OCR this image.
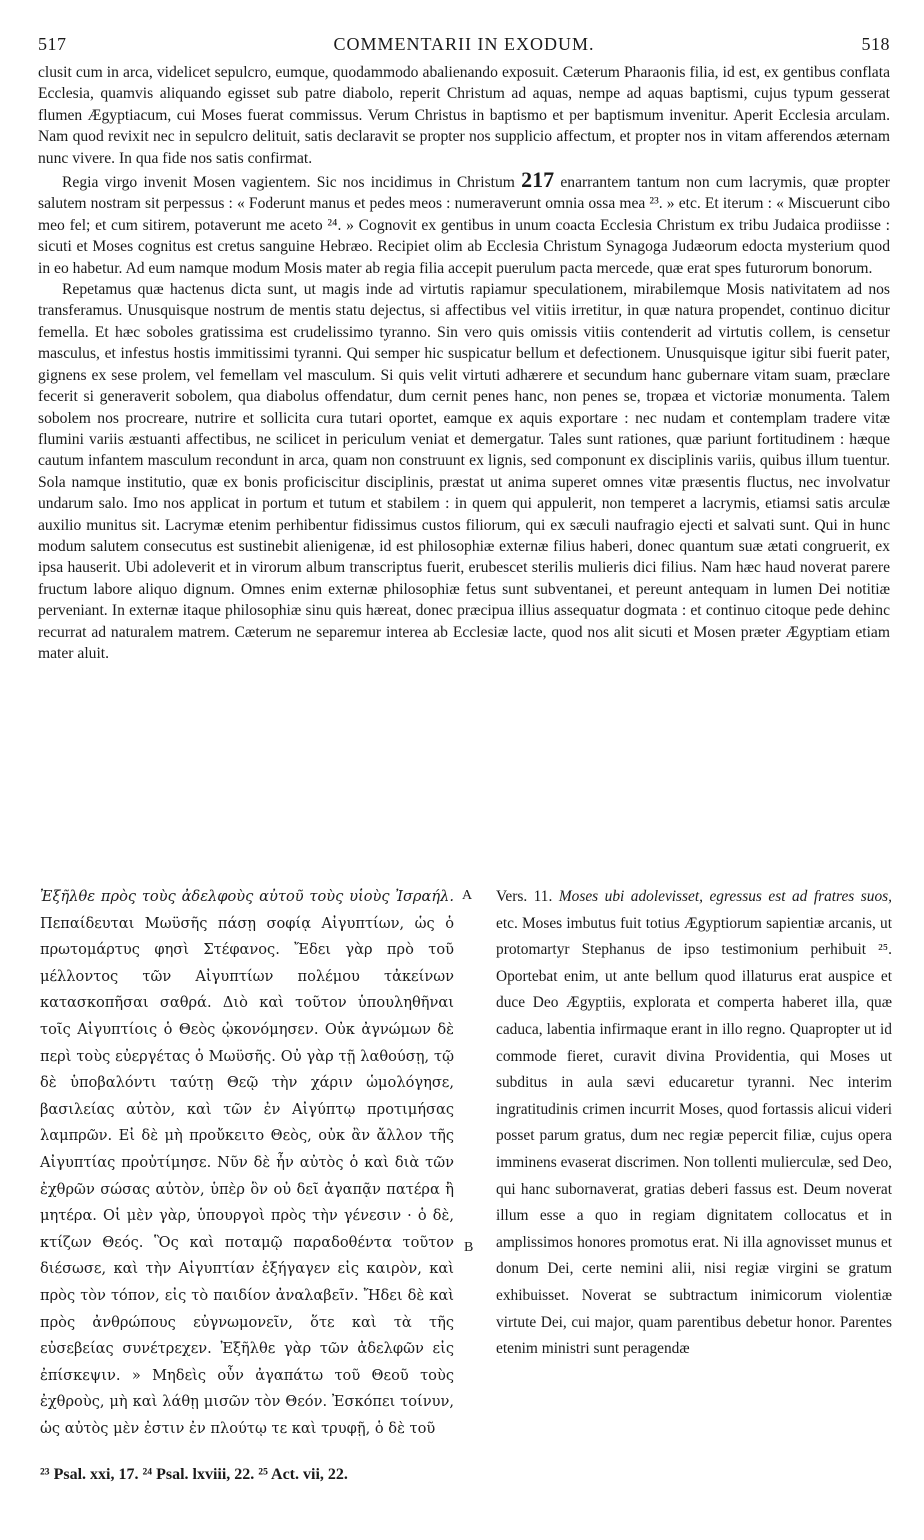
517	COMMENTARII IN EXODUM.	518

clusit cum in arca, videlicet sepulcro, eumque, quodammodo abalienando exposuit. Cæterum Pharaonis filia, id est, ex gentibus conflata Ecclesia, quamvis aliquando egisset sub patre diabolo, reperit Christum ad aquas, nempe ad aquas baptismi, cujus typum gesserat flumen Ægyptiacum, cui Moses fuerat commissus. Verum Christus in baptismo et per baptismum invenitur. Aperit Ecclesia arculam. Nam quod revixit nec in sepulcro delituit, satis declaravit se propter nos supplicio affectum, et propter nos in vitam afferendos æternam nunc vivere. In qua fide nos satis confirmat.

Regia virgo invenit Mosen vagientem. Sic nos incidimus in Christum 217 enarrantem tantum non cum lacrymis, quæ propter salutem nostram sit perpessus : « Foderunt manus et pedes meos : numeraverunt omnia ossa mea ²³. » etc. Et iterum : « Miscuerunt cibo meo fel; et cum sitirem, potaverunt me aceto ²⁴. » Cognovit ex gentibus in unum coacta Ecclesia Christum ex tribu Judaica prodiisse : sicuti et Moses cognitus est cretus sanguine Hebræo. Recipiet olim ab Ecclesia Christum Synagoga Judæorum edocta mysterium quod in eo habetur. Ad eum namque modum Mosis mater ab regia filia accepit puerulum pacta mercede, quæ erat spes futurorum bonorum.

Repetamus quæ hactenus dicta sunt, ut magis inde ad virtutis rapiamur speculationem, mirabilemque Mosis nativitatem ad nos transferamus. Unusquisque nostrum de mentis statu dejectus, si affectibus vel vitiis irretitur, in quæ natura propendet, continuo dicitur femella. Et hæc soboles gratissima est crudelissimo tyranno. Sin vero quis omissis vitiis contenderit ad virtutis collem, is censetur masculus, et infestus hostis immitissimi tyranni. Qui semper hic suspicatur bellum et defectionem. Unusquisque igitur sibi fuerit pater, gignens ex sese prolem, vel femellam vel masculum. Si quis velit virtuti adhærere et secundum hanc gubernare vitam suam, præclare fecerit si generaverit sobolem, qua diabolus offendatur, dum cernit penes hanc, non penes se, tropæa et victoriæ monumenta. Talem sobolem nos procreare, nutrire et sollicita cura tutari oportet, eamque ex aquis exportare : nec nudam et contemplam tradere vitæ flumini variis æstuanti affectibus, ne scilicet in periculum veniat et demergatur. Tales sunt rationes, quæ pariunt fortitudinem : hæque cautum infantem masculum recondunt in arca, quam non construunt ex lignis, sed componunt ex disciplinis variis, quibus illum tuentur. Sola namque institutio, quæ ex bonis proficiscitur disciplinis, præstat ut anima superet omnes vitæ præsentis fluctus, nec involvatur undarum salo. Imo nos applicat in portum et tutum et stabilem : in quem qui appulerit, non temperet a lacrymis, etiamsi satis arculæ auxilio munitus sit. Lacrymæ etenim perhibentur fidissimus custos filiorum, qui ex sæculi naufragio ejecti et salvati sunt. Qui in hunc modum salutem consecutus est sustinebit alienigenæ, id est philosophiæ externæ filius haberi, donec quantum suæ ætati congruerit, ex ipsa hauserit. Ubi adoleverit et in virorum album transcriptus fuerit, erubescet sterilis mulieris dici filius. Nam hæc haud noverat parere fructum labore aliquo dignum. Omnes enim externæ philosophiæ fetus sunt subventanei, et pereunt antequam in lumen Dei notitiæ perveniant. In externæ itaque philosophiæ sinu quis hæreat, donec præcipua illius assequatur dogmata : et continuo citoque pede dehinc recurrat ad naturalem matrem. Cæterum ne separemur interea ab Ecclesiæ lacte, quod nos alit sicuti et Mosen præter Ægyptiam etiam mater aluit.

Ἐξῆλθε πρὸς τοὺς ἀδελφοὺς αὐτοῦ τοὺς υἱοὺς Ἰσραήλ. Πεπαίδευται Μωϋσῆς πάσῃ σοφίᾳ Αἰγυπτίων, ὡς ὁ πρωτομάρτυς φησὶ Στέφανος. Ἔδει γὰρ πρὸ τοῦ μέλλοντος τῶν Αἰγυπτίων πολέμου τἀκείνων κατασκοπῆσαι σαθρά. Διὸ καὶ τοῦτον ὑπουληθῆναι τοῖς Αἰγυπτίοις ὁ Θεὸς ᾠκονόμησεν. Οὐκ ἀγνώμων δὲ περὶ τοὺς εὐεργέτας ὁ Μωϋσῆς. Οὐ γὰρ τῇ λαθούσῃ, τῷ δὲ ὑποβαλόντι ταύτῃ Θεῷ τὴν χάριν ὡμολόγησε, βασιλείας αὐτὸν, καὶ τῶν ἐν Αἰγύπτῳ προτιμήσας λαμπρῶν. Εἰ δὲ μὴ προὔκειτο Θεὸς, οὐκ ἂν ἄλλον τῆς Αἰγυπτίας προὐτίμησε. Νῦν δὲ ἦν αὐτὸς ὁ καὶ διὰ τῶν ἐχθρῶν σώσας αὐτὸν, ὑπὲρ ὃν οὐ δεῖ ἀγαπᾷν πατέρα ἢ μητέρα. Οἱ μὲν γὰρ, ὑπουργοὶ πρὸς τὴν γένεσιν · ὁ δὲ, κτίζων Θεός. Ὃς καὶ ποταμῷ παραδοθέντα τοῦτον διέσωσε, καὶ τὴν Αἰγυπτίαν ἐξήγαγεν εἰς καιρὸν, καὶ πρὸς τὸν τόπον, εἰς τὸ παιδίον ἀναλαβεῖν. Ἤδει δὲ καὶ πρὸς ἀνθρώπους εὐγνωμονεῖν, ὅτε καὶ τὰ τῆς εὐσεβείας συνέτρεχεν. Ἐξῆλθε γὰρ τῶν ἀδελφῶν εἰς ἐπίσκεψιν. » Μηδεὶς οὖν ἀγαπάτω τοῦ Θεοῦ τοὺς ἐχθροὺς, μὴ καὶ λάθῃ μισῶν τὸν Θεόν. Ἐσκόπει τοίνυν, ὡς αὐτὸς μὲν ἐστιν ἐν πλούτῳ τε καὶ τρυφῇ, ὁ δὲ τοῦ
A
B
Vers. 11. Moses ubi adolevisset, egressus est ad fratres suos, etc. Moses imbutus fuit totius Ægyptiorum sapientiæ arcanis, ut protomartyr Stephanus de ipso testimonium perhibuit ²⁵. Oportebat enim, ut ante bellum quod illaturus erat auspice et duce Deo Ægyptiis, explorata et comperta haberet illa, quæ caduca, labentia infirmaque erant in illo regno. Quapropter ut id commode fieret, curavit divina Providentia, qui Moses ut subditus in aula sævi educaretur tyranni. Nec interim ingratitudinis crimen incurrit Moses, quod fortassis alicui videri posset parum gratus, dum nec regiæ pepercit filiæ, cujus opera imminens evaserat discrimen. Non tollenti mulierculæ, sed Deo, qui hanc subornaverat, gratias deberi fassus est. Deum noverat illum esse a quo in regiam dignitatem collocatus et in amplissimos honores promotus erat. Ni illa agnovisset munus et donum Dei, certe nemini alii, nisi regiæ virgini se gratum exhibuisset. Noverat se subtractum inimicorum violentiæ virtute Dei, cui major, quam parentibus debetur honor. Parentes etenim ministri sunt peragendæ
²³ Psal. xxi, 17. ²⁴ Psal. lxviii, 22. ²⁵ Act. vii, 22.
